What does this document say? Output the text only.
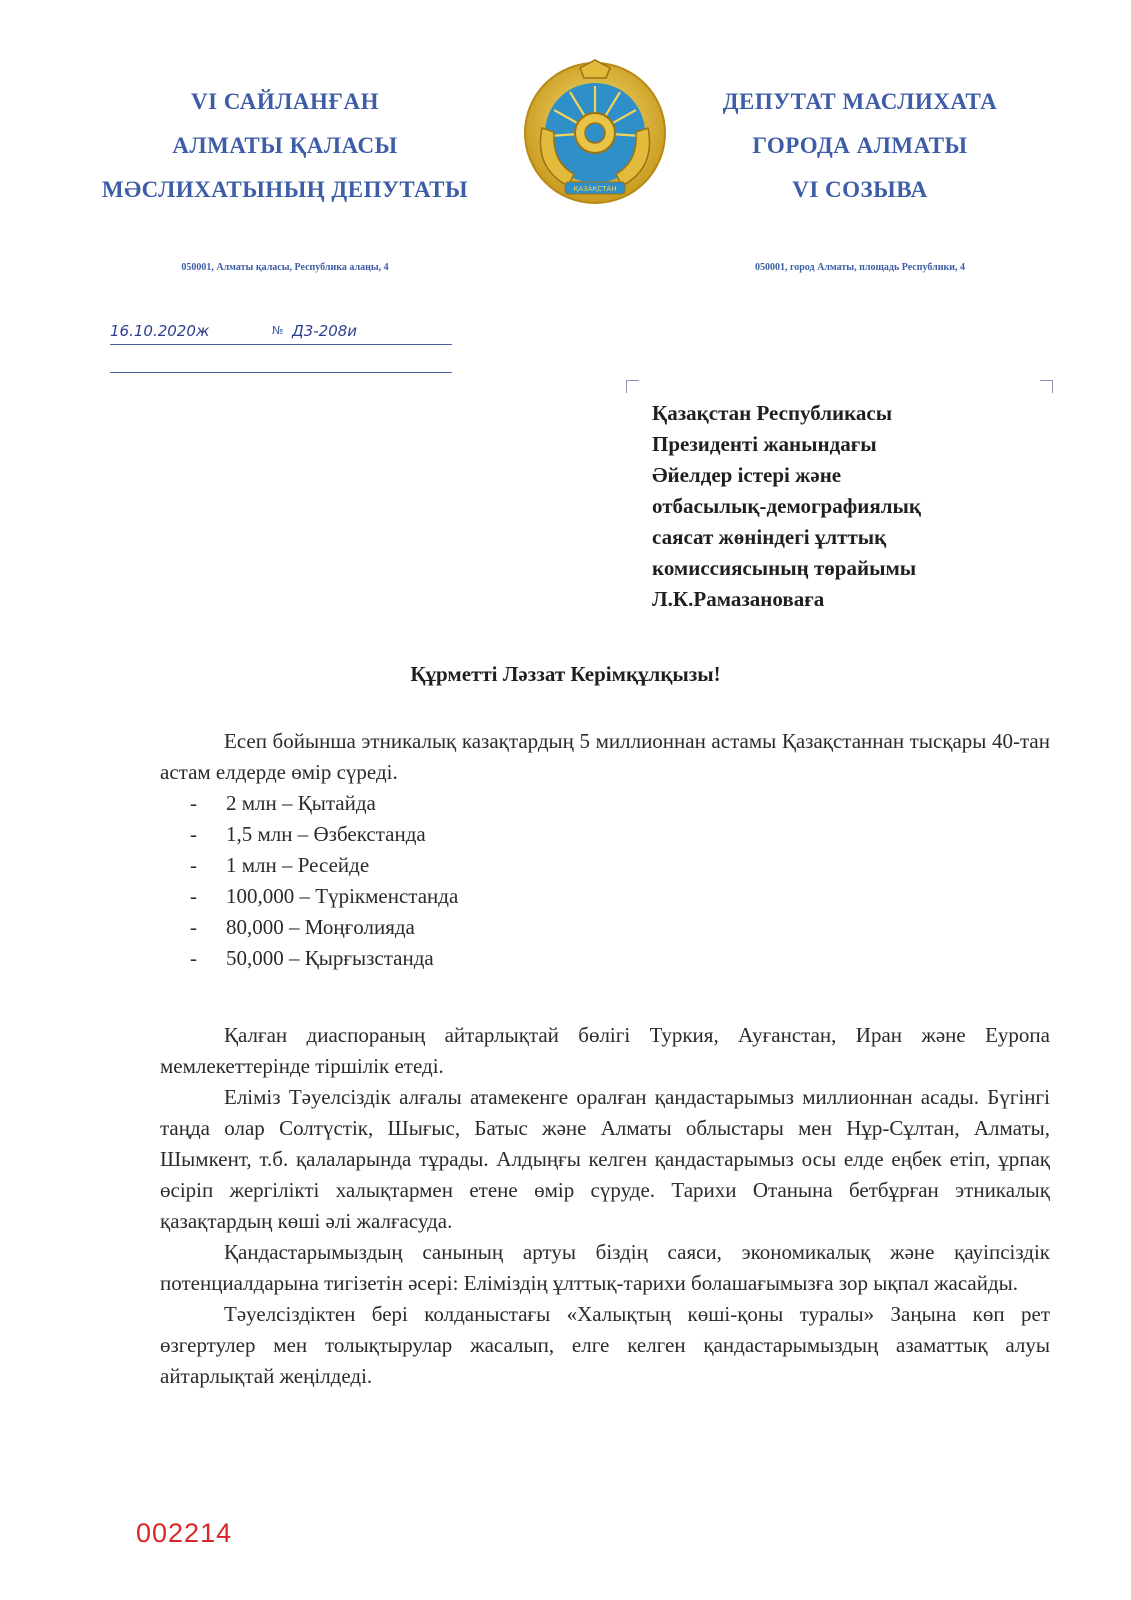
VI САЙЛАНҒАН
АЛМАТЫ ҚАЛАСЫ
МӘСЛИХАТЫНЫҢ ДЕПУТАТЫ	ҚАЗАҚСТАН
ДЕПУТАТ МАСЛИХАТА
ГОРОДА АЛМАТЫ
VI СОЗЫВА
050001, Алматы қаласы, Республика алаңы, 4	050001, город Алматы, площадь Республики, 4
16.10.2020ж	№ Д3-208и
Қазақстан Республикасы
Президенті жанындағы
Әйелдер істері және
отбасылық-демографиялық
саясат жөніндегі ұлттық
комиссиясының төрайымы
Л.К.Рамазановаға
Құрметті Ләззат Керімқұлқызы!

Есеп бойынша этникалық казақтардың 5 миллионнан астамы Қазақстаннан тысқары 40-тан астам елдерде өмір сүреді.

- 2 млн – Қытайда
- 1,5 млн – Өзбекстанда
- 1 млн – Ресейде
- 100,000 – Түрікменстанда
- 80,000 – Моңғолияда
- 50,000 – Қырғызстанда

Қалған диаспораның айтарлықтай бөлігі Туркия, Ауғанстан, Иран және Еуропа мемлекеттерінде тіршілік етеді.

Еліміз Тәуелсіздік алғалы атамекенге оралған қандастарымыз миллионнан асады. Бүгінгі таңда олар Солтүстік, Шығыс, Батыс және Алматы облыстары мен Нұр-Сұлтан, Алматы, Шымкент, т.б. қалаларында тұрады. Алдыңғы келген қандастарымыз осы елде еңбек етіп, ұрпақ өсіріп жергілікті халықтармен етене өмір сүруде. Тарихи Отанына бетбұрған этникалық қазақтардың көші әлі жалғасуда.

Қандастарымыздың санының артуы біздің саяси, экономикалық және қауіпсіздік потенциалдарына тигізетін әсері: Еліміздің ұлттық-тарихи болашағымызға зор ықпал жасайды.

Тәуелсіздіктен бері колданыстағы «Халықтың көші-қоны туралы» Заңына көп рет өзгертулер мен толықтырулар жасалып, елге келген қандастарымыздың азаматтық алуы айтарлықтай жеңілдеді.

002214
